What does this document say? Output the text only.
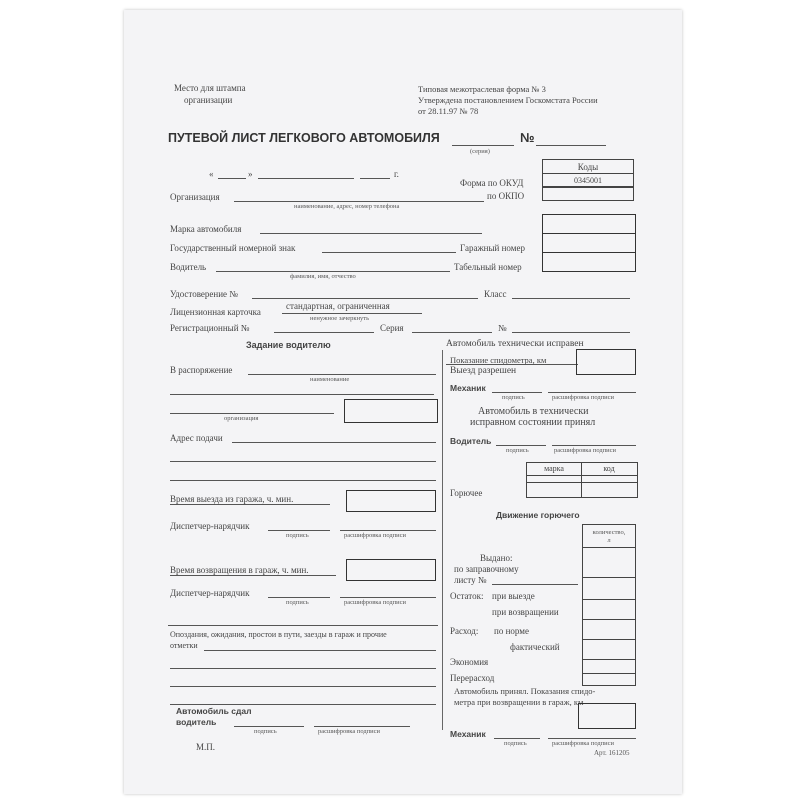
Место для штампа
организации
Типовая межотраслевая форма № 3
Утверждена постановлением Госкомстата России
от 28.11.97 № 78
ПУТЕВОЙ ЛИСТ ЛЕГКОВОГО АВТОМОБИЛЯ	№
(серия)
«	»	г.
Коды
0345001
Форма по ОКУД
по ОКПО
Организация
наименование, адрес, номер телефона
Марка автомобиля
Государственный номерной знак	Гаражный номер
Водитель
фамилия, имя, отчество
Табельный номер
Удостоверение №	Класс
Лицензионная карточка
стандартная, ограниченная
ненужное зачеркнуть
Регистрационный №	Серия	№
Задание водителю
В распоряжение
наименование
организация
Адрес подачи
Время выезда из гаража, ч. мин.
Диспетчер-нарядчик
подпись	расшифровка подписи
Время возвращения в гараж, ч. мин.
Диспетчер-нарядчик
подпись	расшифровка подписи
Опоздания, ожидания, простои в пути, заезды в гараж и прочие
отметки
Автомобиль сдал
водитель
подпись	расшифровка подписи
М.П.
Автомобиль технически исправен
Показание спидометра, км
Выезд разрешен
Механик
подпись	расшифровка подписи
Автомобиль в технически
исправном состоянии принял
Водитель
подпись	расшифровка подписи
марка	код
Горючее
Движение горючего
количество,
л
Выдано:
по заправочному
листу №
Остаток: при выезде
при возвращении
Расход: по норме
фактический
Экономия
Перерасход
Автомобиль принял. Показания спидо-
метра при возвращении в гараж, км
Механик
подпись	расшифровка подписи
Арт. 161205
